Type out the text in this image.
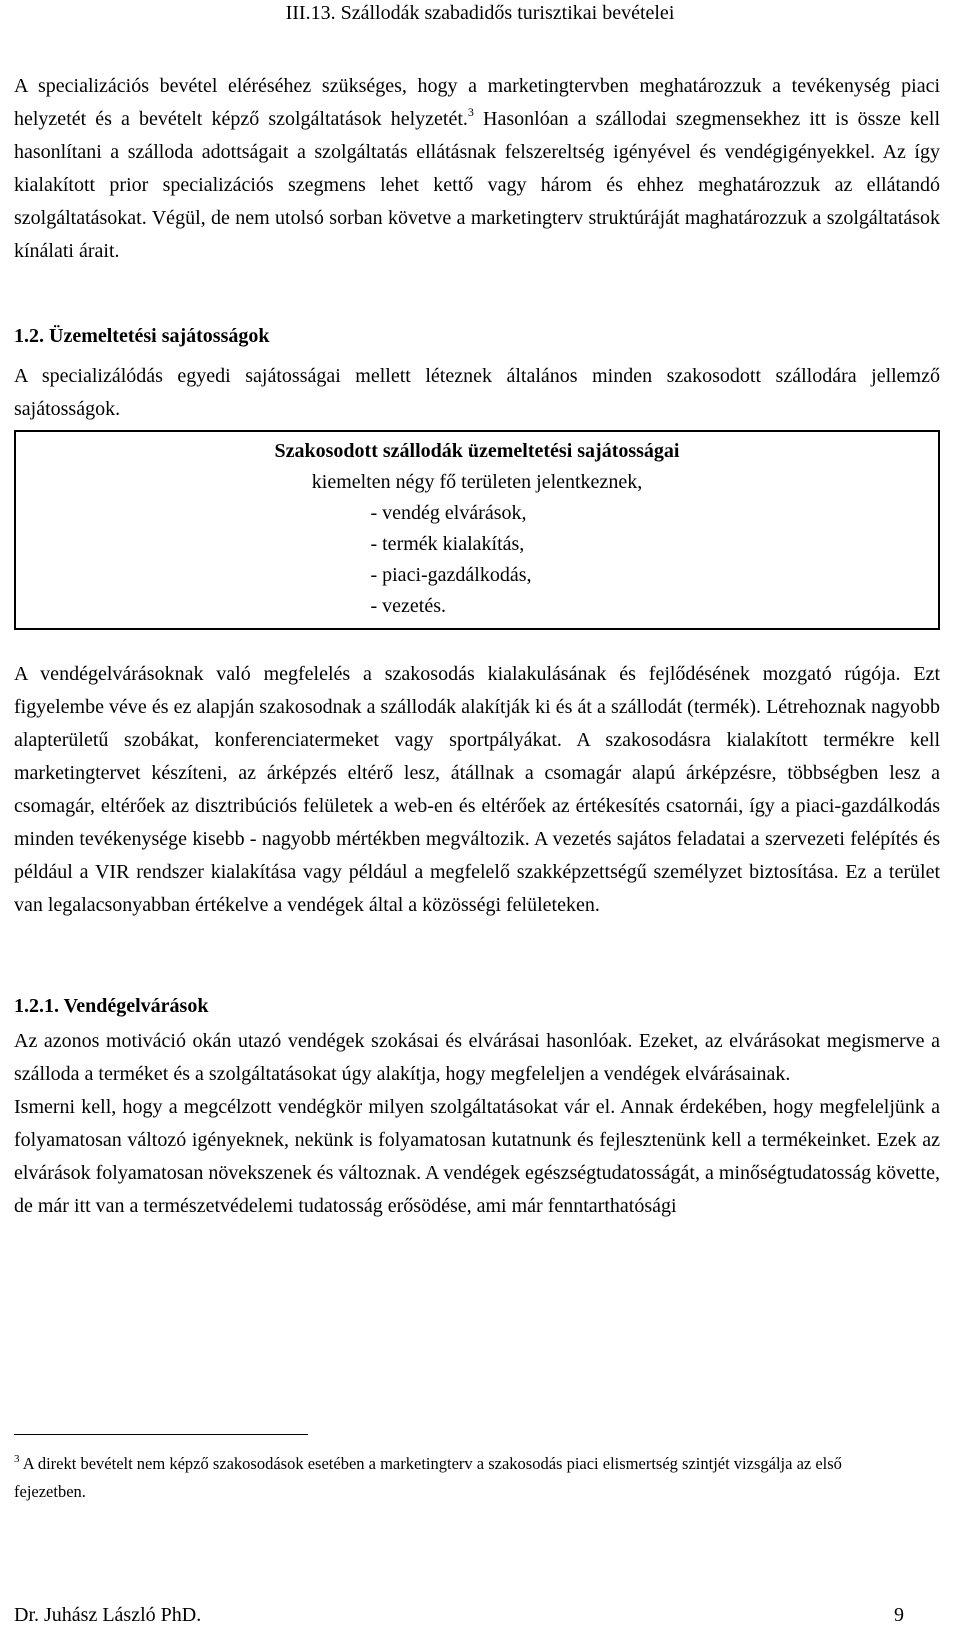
III.13. Szállodák szabadidős turisztikai bevételei

A specializációs bevétel eléréséhez szükséges, hogy a marketingtervben meghatározzuk a tevékenység piaci helyzetét és a bevételt képző szolgáltatások helyzetét.$^3$ Hasonlóan a szállodai szegmensekhez itt is össze kell hasonlítani a szálloda adottságait a szolgáltatás ellátásnak felszereltség igényével és vendégigényekkel. Az így kialakított prior specializációs szegmens lehet kettő vagy három és ehhez meghatározzuk az ellátandó szolgáltatásokat. Végül, de nem utolsó sorban követve a marketingterv struktúráját maghatározzuk a szolgáltatások kínálati árait.

1.2. Üzemeltetési sajátosságok

A specializálódás egyedi sajátosságai mellett léteznek általános minden szakosodott szállodára jellemző sajátosságok.

Szakosodott szállodák üzemeltetési sajátosságai
kiemelten négy fő területen jelentkeznek,
- vendég elvárások,
- termék kialakítás,
- piaci-gazdálkodás,
- vezetés.

A vendégelvárásoknak való megfelelés a szakosodás kialakulásának és fejlődésének mozgató rúgója. Ezt figyelembe véve és ez alapján szakosodnak a szállodák alakítják ki és át a szállodát (termék). Létrehoznak nagyobb alapterületű szobákat, konferenciatermeket vagy sportpályákat. A szakosodásra kialakított termékre kell marketingtervet készíteni, az árképzés eltérő lesz, átállnak a csomagár alapú árképzésre, többségben lesz a csomagár, eltérőek az disztribúciós felületek a web-en és eltérőek az értékesítés csatornái, így a piaci-gazdálkodás minden tevékenysége kisebb - nagyobb mértékben megváltozik. A vezetés sajátos feladatai a szervezeti felépítés és például a VIR rendszer kialakítása vagy például a megfelelő szakképzettségű személyzet biztosítása. Ez a terület van legalacsonyabban értékelve a vendégek által a közösségi felületeken.

1.2.1. Vendégelvárások

Az azonos motiváció okán utazó vendégek szokásai és elvárásai hasonlóak. Ezeket, az elvárásokat megismerve a szálloda a terméket és a szolgáltatásokat úgy alakítja, hogy megfeleljen a vendégek elvárásainak.

Ismerni kell, hogy a megcélzott vendégkör milyen szolgáltatásokat vár el. Annak érdekében, hogy megfeleljünk a folyamatosan változó igényeknek, nekünk is folyamatosan kutatnunk és fejlesztenünk kell a termékeinket. Ezek az elvárások folyamatosan növekszenek és változnak. A vendégek egészségtudatosságát, a minőségtudatosság követte, de már itt van a természetvédelemi tudatosság erősödése, ami már fenntarthatósági

$^3$ A direkt bevételt nem képző szakosodások esetében a marketingterv a szakosodás piaci elismertség szintjét vizsgálja az első fejezetben.
Dr. Juhász László PhD.	9
